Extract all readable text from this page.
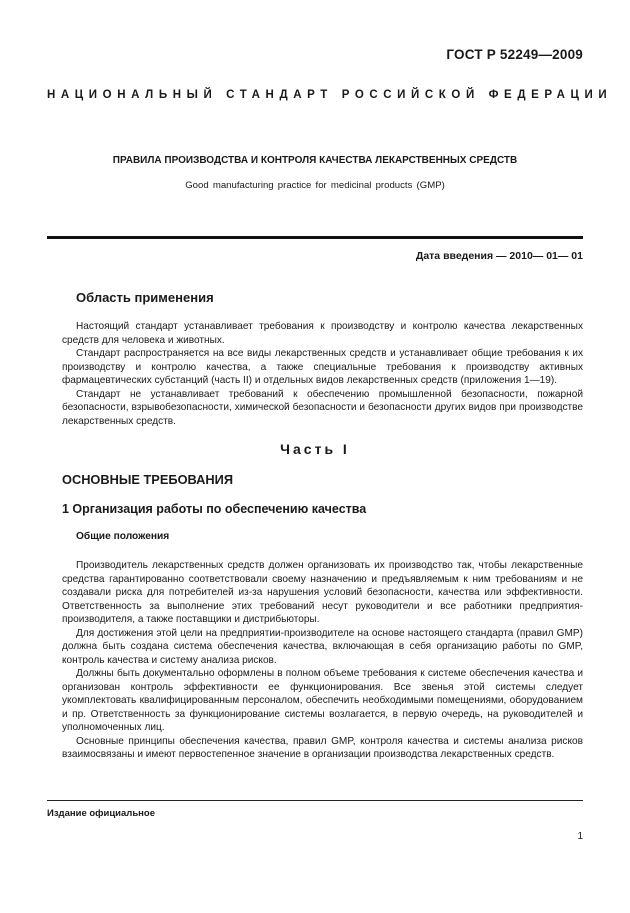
ГОСТ Р 52249—2009
НАЦИОНАЛЬНЫЙ СТАНДАРТ РОССИЙСКОЙ ФЕДЕРАЦИИ
ПРАВИЛА ПРОИЗВОДСТВА И КОНТРОЛЯ КАЧЕСТВА ЛЕКАРСТВЕННЫХ СРЕДСТВ
Good manufacturing practice for medicinal products (GMP)
Дата введения — 2010— 01— 01
Область применения

Настоящий стандарт устанавливает требования к производству и контролю качества лекарственных средств для человека и животных.

Стандарт распространяется на все виды лекарственных средств и устанавливает общие требования к их производству и контролю качества, а также специальные требования к производству активных фармацевтических субстанций (часть II) и отдельных видов лекарственных средств (приложения 1—19).

Стандарт не устанавливает требований к обеспечению промышленной безопасности, пожарной безопасности, взрывобезопасности, химической безопасности и безопасности других видов при производстве лекарственных средств.

Часть I
ОСНОВНЫЕ ТРЕБОВАНИЯ
1 Организация работы по обеспечению качества
Общие положения

Производитель лекарственных средств должен организовать их производство так, чтобы лекарственные средства гарантированно соответствовали своему назначению и предъявляемым к ним требованиям и не создавали риска для потребителей из-за нарушения условий безопасности, качества или эффективности. Ответственность за выполнение этих требований несут руководители и все работники предприятия-производителя, а также поставщики и дистрибьюторы.

Для достижения этой цели на предприятии-производителе на основе настоящего стандарта (правил GMP) должна быть создана система обеспечения качества, включающая в себя организацию работы по GMP, контроль качества и систему анализа рисков.

Должны быть документально оформлены в полном объеме требования к системе обеспечения качества и организован контроль эффективности ее функционирования. Все звенья этой системы следует укомплектовать квалифицированным персоналом, обеспечить необходимыми помещениями, оборудованием и пр. Ответственность за функционирование системы возлагается, в первую очередь, на руководителей и уполномоченных лиц.

Основные принципы обеспечения качества, правил GMP, контроля качества и системы анализа рисков взаимосвязаны и имеют первостепенное значение в организации производства лекарственных средств.

Издание официальное
1
